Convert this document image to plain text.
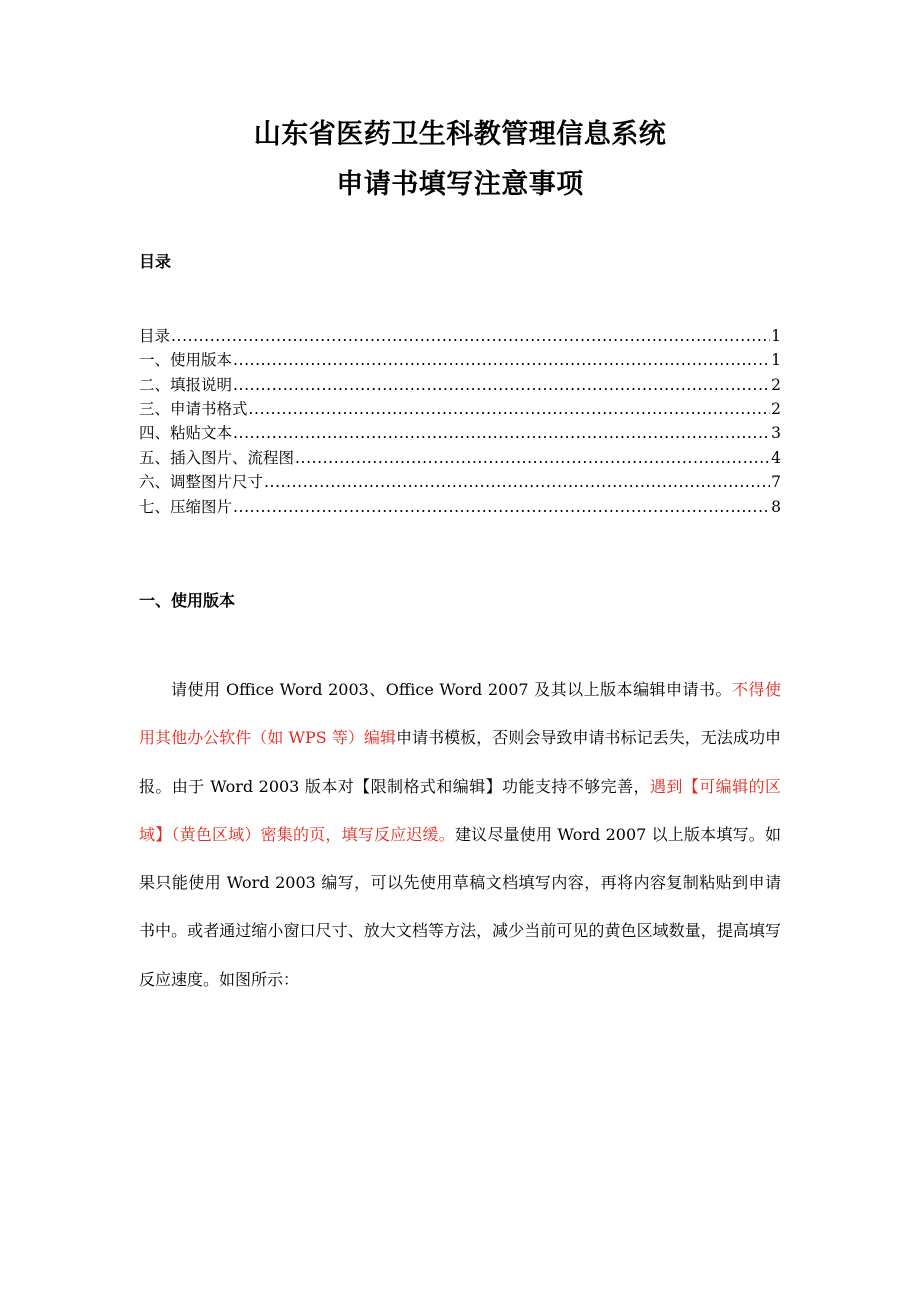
山东省医药卫生科教管理信息系统
申请书填写注意事项
目录
目录 .....	1
一、使用版本 .....	1
二、填报说明 .....	2
三、申请书格式 .....	2
四、粘贴文本 .....	3
五、插入图片、流程图 .....	4
六、调整图片尺寸 .....	7
七、压缩图片 .....	8
一、使用版本

请使用 Office Word 2003、Office Word 2007 及其以上版本编辑申请书。不得使用其他办公软件（如 WPS 等）编辑申请书模板，否则会导致申请书标记丢失，无法成功申报。由于 Word 2003 版本对【限制格式和编辑】功能支持不够完善，遇到【可编辑的区域】（黄色区域）密集的页，填写反应迟缓。建议尽量使用 Word 2007 以上版本填写。如果只能使用 Word 2003 编写，可以先使用草稿文档填写内容，再将内容复制粘贴到申请书中。或者通过缩小窗口尺寸、放大文档等方法，减少当前可见的黄色区域数量，提高填写反应速度。如图所示：
